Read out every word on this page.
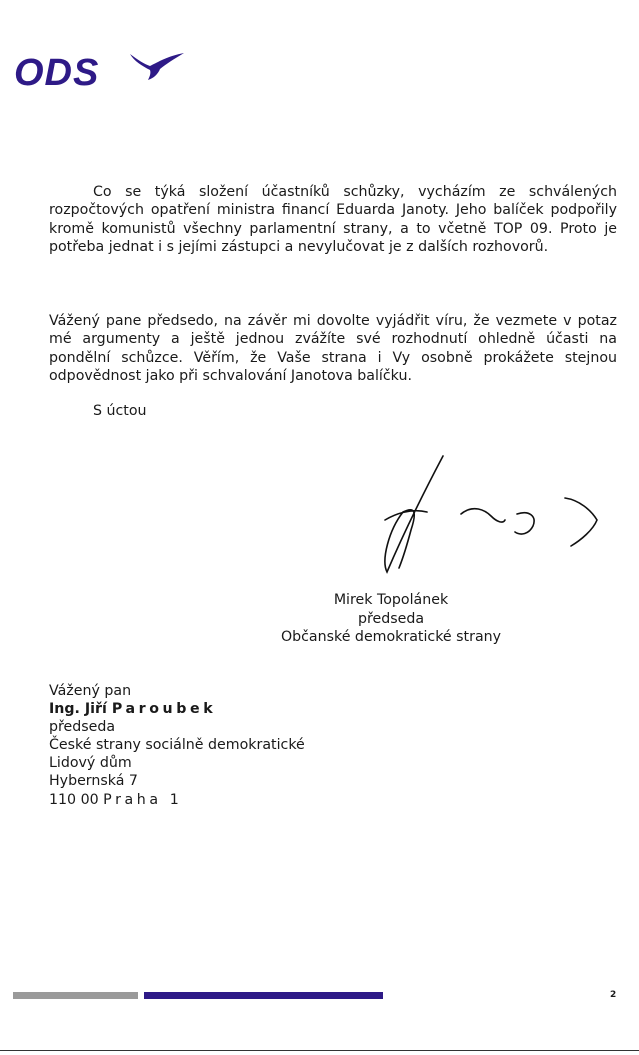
ODS

Co se týká složení účastníků schůzky, vycházím ze schválených rozpočtových opatření ministra financí Eduarda Janoty. Jeho balíček podpořily kromě komunistů všechny parlamentní strany, a to včetně TOP 09. Proto je potřeba jednat i s jejími zástupci a nevylučovat je z dalších rozhovorů.

Vážený pane předsedo, na závěr mi dovolte vyjádřit víru, že vezmete v potaz mé argumenty a ještě jednou zvážíte své rozhodnutí ohledně účasti na pondělní schůzce. Věřím, že Vaše strana i Vy osobně prokážete stejnou odpovědnost jako při schvalování Janotova balíčku.

S úctou
Mirek Topolánek
předseda
Občanské demokratické strany
Vážený pan
Ing. Jiří Paroubek
předseda
České strany sociálně demokratické
Lidový dům
Hybernská 7
110 00 Praha 1
2
